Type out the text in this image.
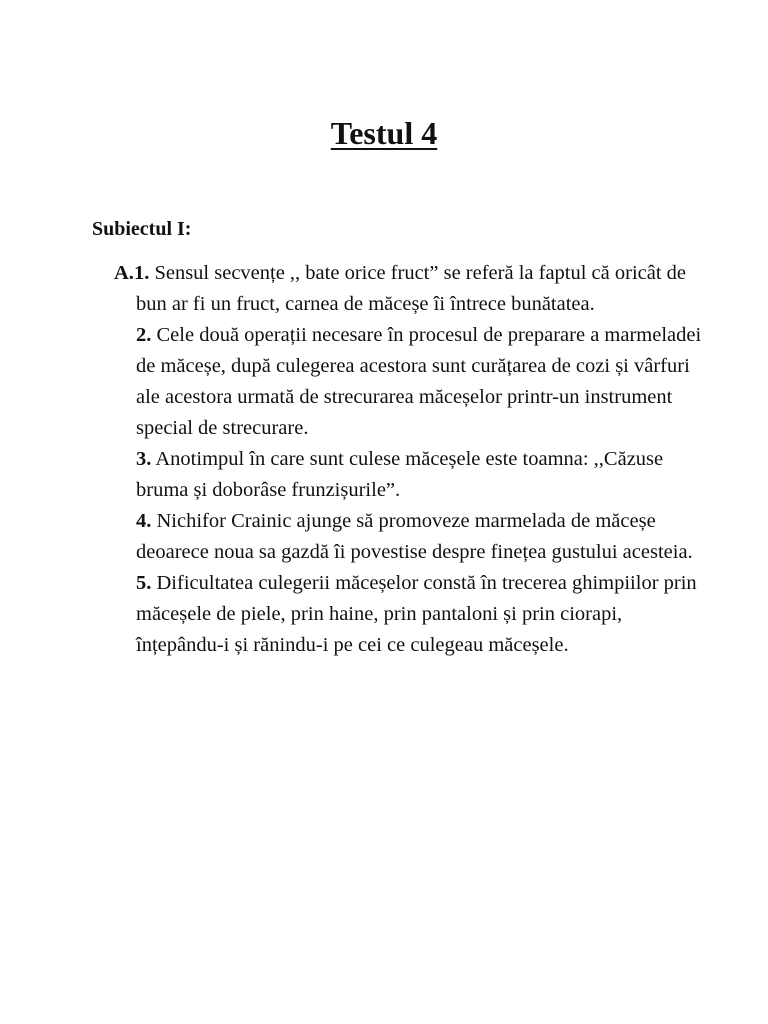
Testul 4
Subiectul I:

A.1. Sensul secvențe ,, bate orice fruct” se referă la faptul că oricât de bun ar fi un fruct, carnea de măceșe îi întrece bunătatea.

2. Cele două operații necesare în procesul de preparare a marmeladei de măceșe, după culegerea acestora sunt curățarea de cozi și vârfuri ale acestora urmată de strecurarea măceșelor printr-un instrument special de strecurare.

3. Anotimpul în care sunt culese măceșele este toamna: ,,Căzuse bruma și doborâse frunzișurile”.

4. Nichifor Crainic ajunge să promoveze marmelada de măceșe deoarece noua sa gazdă îi povestise despre finețea gustului acesteia.

5. Dificultatea culegerii măceșelor constă în trecerea ghimpiilor prin măceșele de piele, prin haine, prin pantaloni și prin ciorapi, înțepându-i și rănindu-i pe cei ce culegeau măceșele.
